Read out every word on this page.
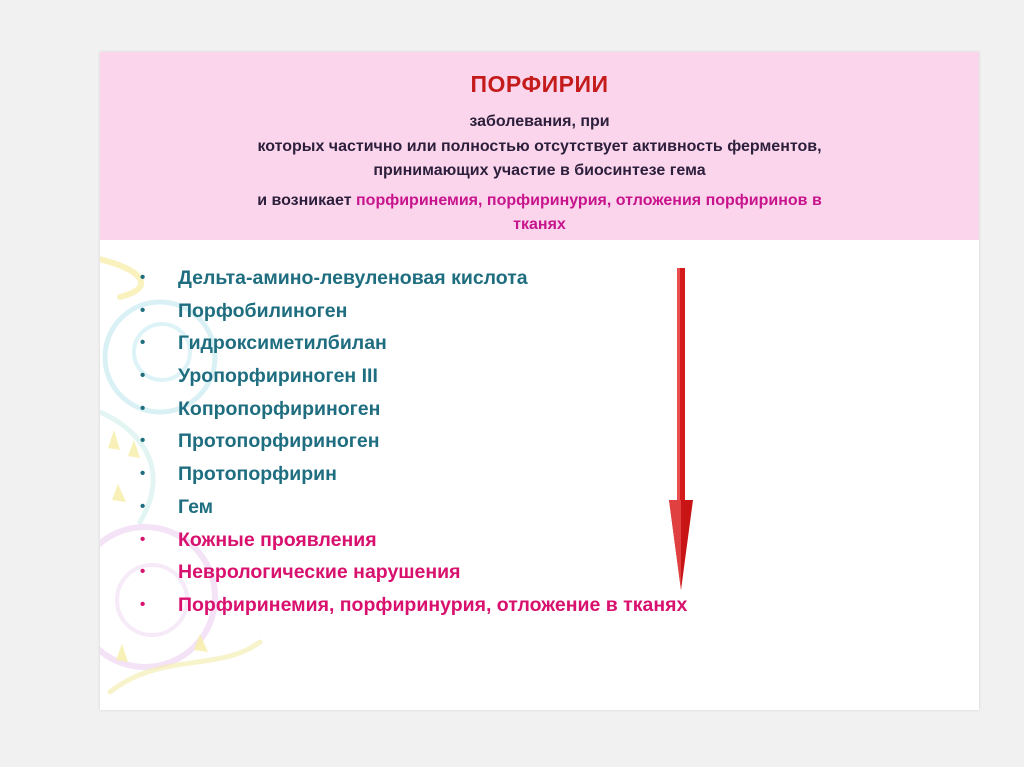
ПОРФИРИИ
заболевания, при
которых частично или полностью отсутствует активность ферментов,
принимающих участие в биосинтезе гема
и возникает порфиринемия, порфиринурия, отложения порфиринов в
тканях
• Дельта-амино-левуленовая кислота
• Порфобилиноген
• Гидроксиметилбилан
• Уропорфириноген III
• Копропорфириноген
• Протопорфириноген
• Протопорфирин
• Гем
• Кожные проявления
• Неврологические нарушения
• Порфиринемия, порфиринурия, отложение в тканях
